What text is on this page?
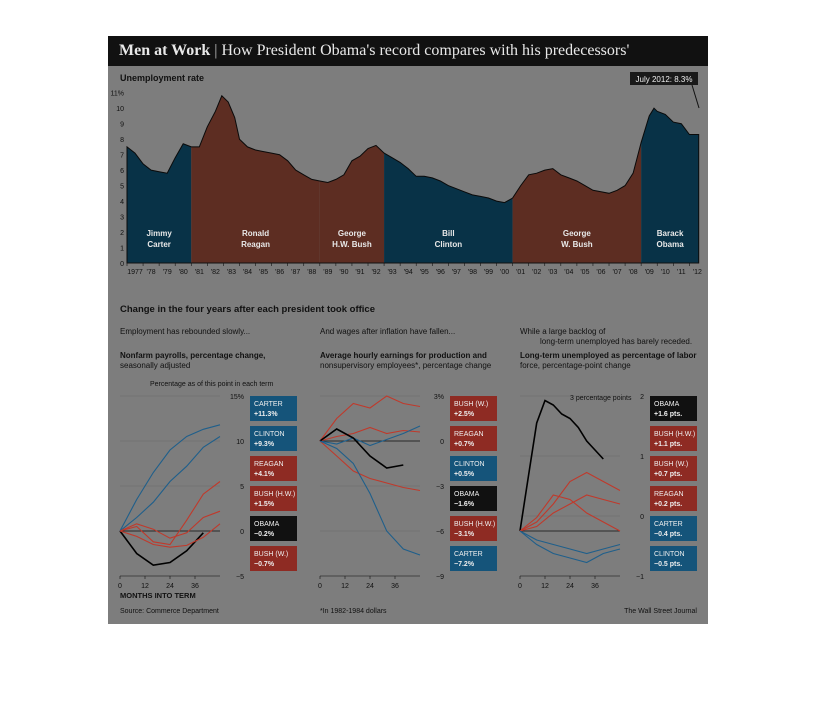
Men at Work | How President Obama's record compares with his predecessors'
Unemployment rate
0
1
2
3
4
5
6
7
8
9
10
11%
1977 '78 '79 '80 '81 '82 '83 '84 '85 '86 '87 '88 '89 '90 '91 '92 '93 '94 '95 '96 '97 '98 '99 '00 '01 '02 '03 '04 '05 '06 '07 '08 '09 '10 '11 '12
Jimmy
Carter
Ronald
Reagan
George
H.W. Bush
Bill
Clinton
George
W. Bush
Barack
Obama
July 2012: 8.3%
Change in the four years after each president took office
Employment has rebounded slowly...
Nonfarm payrolls, percentage change,
seasonally adjusted
15%
10
5
0
−5
0	12 24 36
CARTER
+11.3%
CLINTON
+9.3%
REAGAN
+4.1%
BUSH (H.W.)
+1.5%
OBAMA
−0.2%
BUSH (W.)
−0.7%
Percentage as of this point in each term
MONTHS INTO TERM
Source: Commerce Department
And wages after inflation have fallen...
Average hourly earnings for production and
nonsupervisory employees*, percentage change
3%
0
−3
−6
−9
0	12 24 36
BUSH (W.)
+2.5%
REAGAN
+0.7%
CLINTON
+0.5%
OBAMA
−1.6%
BUSH (H.W.)
−3.1%
CARTER
−7.2%
*In 1982-1984 dollars
While a large backlog of
long-term unemployed has barely receded.
Long-term unemployed as percentage of labor
force, percentage-point change
2
1
0
−1
0	12 24 36
OBAMA
+1.6 pts.
BUSH (H.W.)
+1.1 pts.
BUSH (W.)
+0.7 pts.
REAGAN
+0.2 pts.
CARTER
−0.4 pts.
CLINTON
−0.5 pts.
3 percentage points
The Wall Street Journal
